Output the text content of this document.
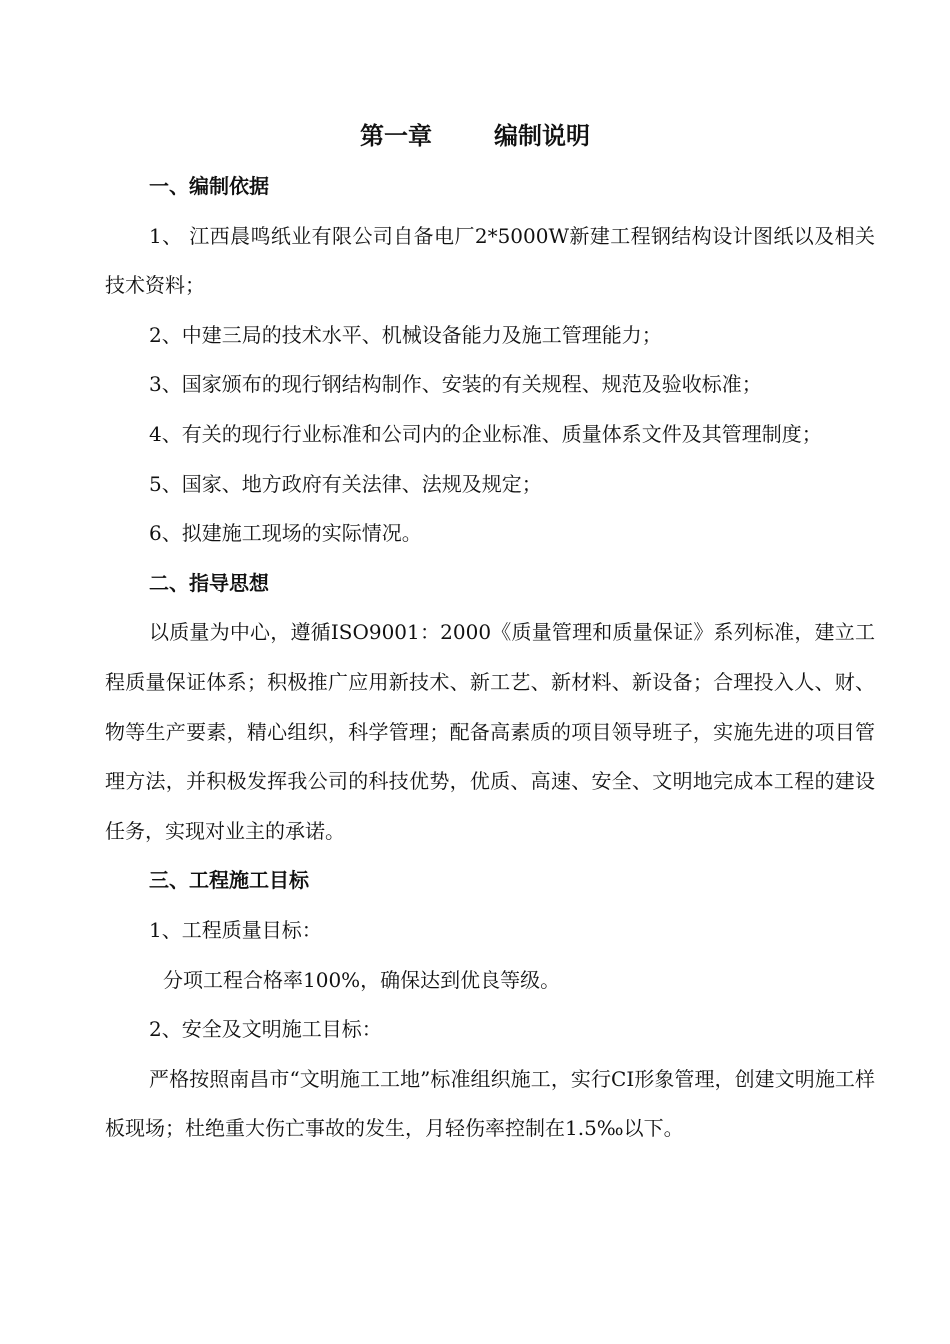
第一章	编制说明
一、编制依据

1、 江西晨鸣纸业有限公司自备电厂2*5000W新建工程钢结构设计图纸以及相关技术资料；

2、中建三局的技术水平、机械设备能力及施工管理能力；

3、国家颁布的现行钢结构制作、安装的有关规程、规范及验收标准；

4、有关的现行行业标准和公司内的企业标准、质量体系文件及其管理制度；

5、国家、地方政府有关法律、法规及规定；

6、拟建施工现场的实际情况。

二、指导思想

以质量为中心，遵循ISO9001：2000《质量管理和质量保证》系列标准，建立工程质量保证体系；积极推广应用新技术、新工艺、新材料、新设备；合理投入人、财、物等生产要素，精心组织，科学管理；配备高素质的项目领导班子，实施先进的项目管理方法，并积极发挥我公司的科技优势，优质、高速、安全、文明地完成本工程的建设任务，实现对业主的承诺。

三、工程施工目标

1、工程质量目标：

分项工程合格率100%，确保达到优良等级。

2、安全及文明施工目标：

严格按照南昌市“文明施工工地”标准组织施工，实行CI形象管理，创建文明施工样板现场；杜绝重大伤亡事故的发生，月轻伤率控制在1.5‰以下。
